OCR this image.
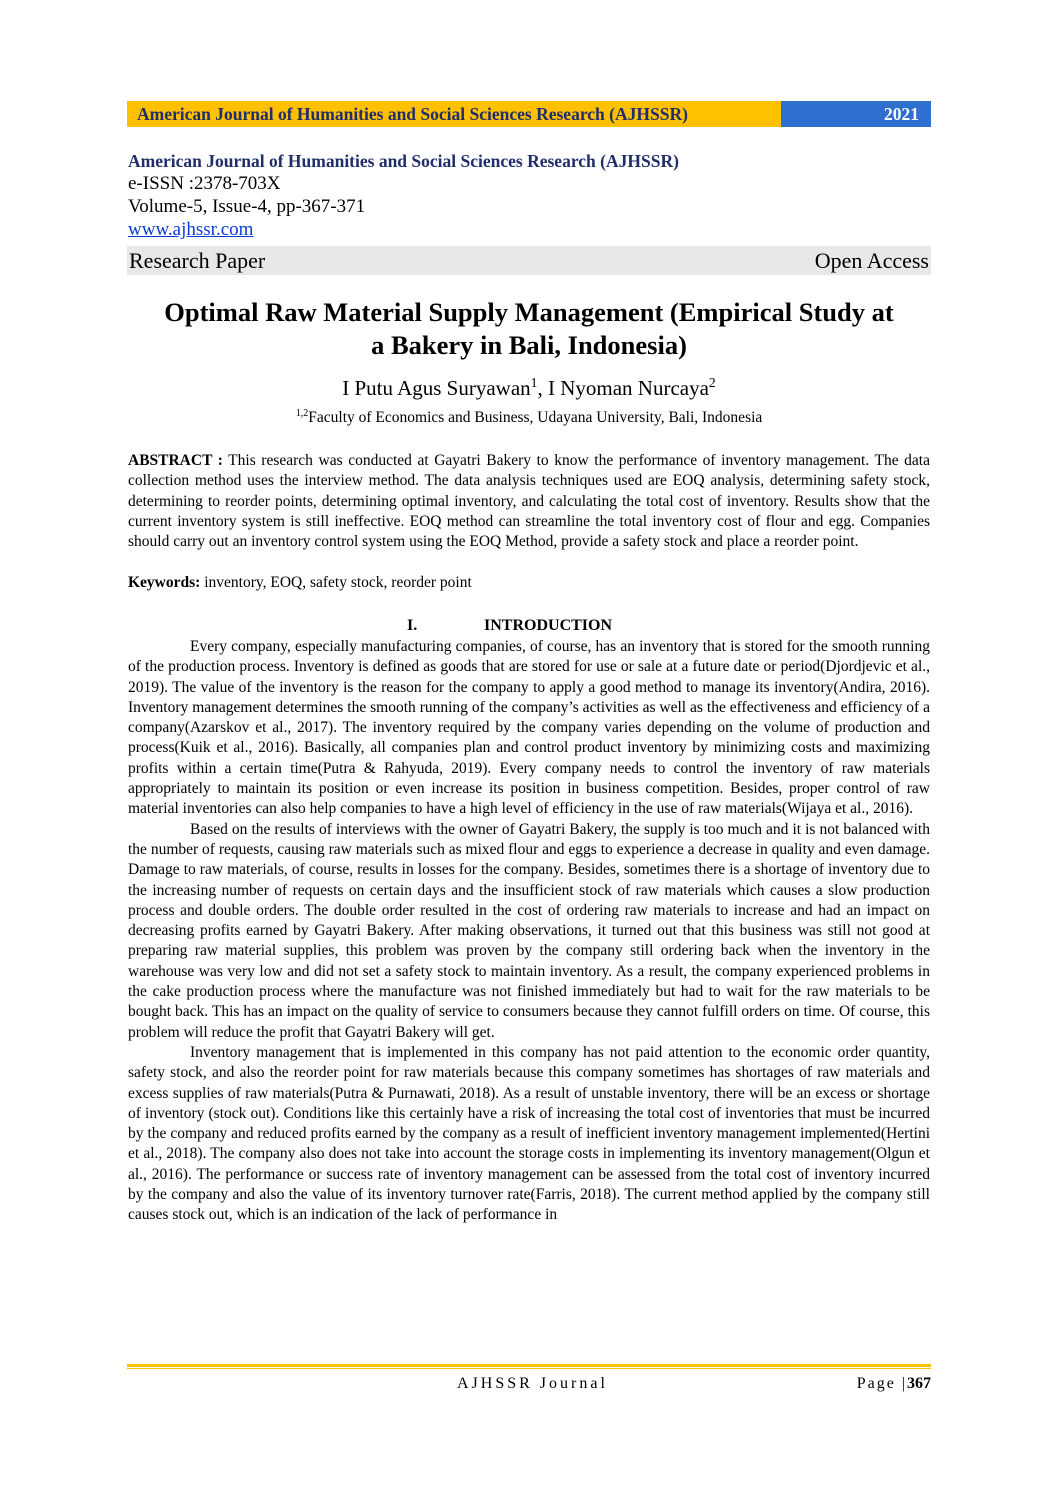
American Journal of Humanities and Social Sciences Research (AJHSSR)	2021
American Journal of Humanities and Social Sciences Research (AJHSSR)
e-ISSN :2378-703X
Volume-5, Issue-4, pp-367-371
www.ajhssr.com
Research Paper	Open Access
Optimal Raw Material Supply Management (Empirical Study at
a Bakery in Bali, Indonesia)
I Putu Agus Suryawan$^1$, I Nyoman Nurcaya$^2$
$^{1,2}$Faculty of Economics and Business, Udayana University, Bali, Indonesia
ABSTRACT : This research was conducted at Gayatri Bakery to know the performance of inventory management. The data collection method uses the interview method. The data analysis techniques used are EOQ analysis, determining safety stock, determining to reorder points, determining optimal inventory, and calculating the total cost of inventory. Results show that the current inventory system is still ineffective. EOQ method can streamline the total inventory cost of flour and egg. Companies should carry out an inventory control system using the EOQ Method, provide a safety stock and place a reorder point.
Keywords: inventory, EOQ, safety stock, reorder point
I.	INTRODUCTION

Every company, especially manufacturing companies, of course, has an inventory that is stored for the smooth running of the production process. Inventory is defined as goods that are stored for use or sale at a future date or period(Djordjevic et al., 2019). The value of the inventory is the reason for the company to apply a good method to manage its inventory(Andira, 2016). Inventory management determines the smooth running of the company’s activities as well as the effectiveness and efficiency of a company(Azarskov et al., 2017). The inventory required by the company varies depending on the volume of production and process(Kuik et al., 2016). Basically, all companies plan and control product inventory by minimizing costs and maximizing profits within a certain time(Putra & Rahyuda, 2019). Every company needs to control the inventory of raw materials appropriately to maintain its position or even increase its position in business competition. Besides, proper control of raw material inventories can also help companies to have a high level of efficiency in the use of raw materials(Wijaya et al., 2016).

Based on the results of interviews with the owner of Gayatri Bakery, the supply is too much and it is not balanced with the number of requests, causing raw materials such as mixed flour and eggs to experience a decrease in quality and even damage. Damage to raw materials, of course, results in losses for the company. Besides, sometimes there is a shortage of inventory due to the increasing number of requests on certain days and the insufficient stock of raw materials which causes a slow production process and double orders. The double order resulted in the cost of ordering raw materials to increase and had an impact on decreasing profits earned by Gayatri Bakery. After making observations, it turned out that this business was still not good at preparing raw material supplies, this problem was proven by the company still ordering back when the inventory in the warehouse was very low and did not set a safety stock to maintain inventory. As a result, the company experienced problems in the cake production process where the manufacture was not finished immediately but had to wait for the raw materials to be bought back. This has an impact on the quality of service to consumers because they cannot fulfill orders on time. Of course, this problem will reduce the profit that Gayatri Bakery will get.

Inventory management that is implemented in this company has not paid attention to the economic order quantity, safety stock, and also the reorder point for raw materials because this company sometimes has shortages of raw materials and excess supplies of raw materials(Putra & Purnawati, 2018). As a result of unstable inventory, there will be an excess or shortage of inventory (stock out). Conditions like this certainly have a risk of increasing the total cost of inventories that must be incurred by the company and reduced profits earned by the company as a result of inefficient inventory management implemented(Hertini et al., 2018). The company also does not take into account the storage costs in implementing its inventory management(Olgun et al., 2016). The performance or success rate of inventory management can be assessed from the total cost of inventory incurred by the company and also the value of its inventory turnover rate(Farris, 2018). The current method applied by the company still causes stock out, which is an indication of the lack of performance in

AJHSSR Journal	Page |367
